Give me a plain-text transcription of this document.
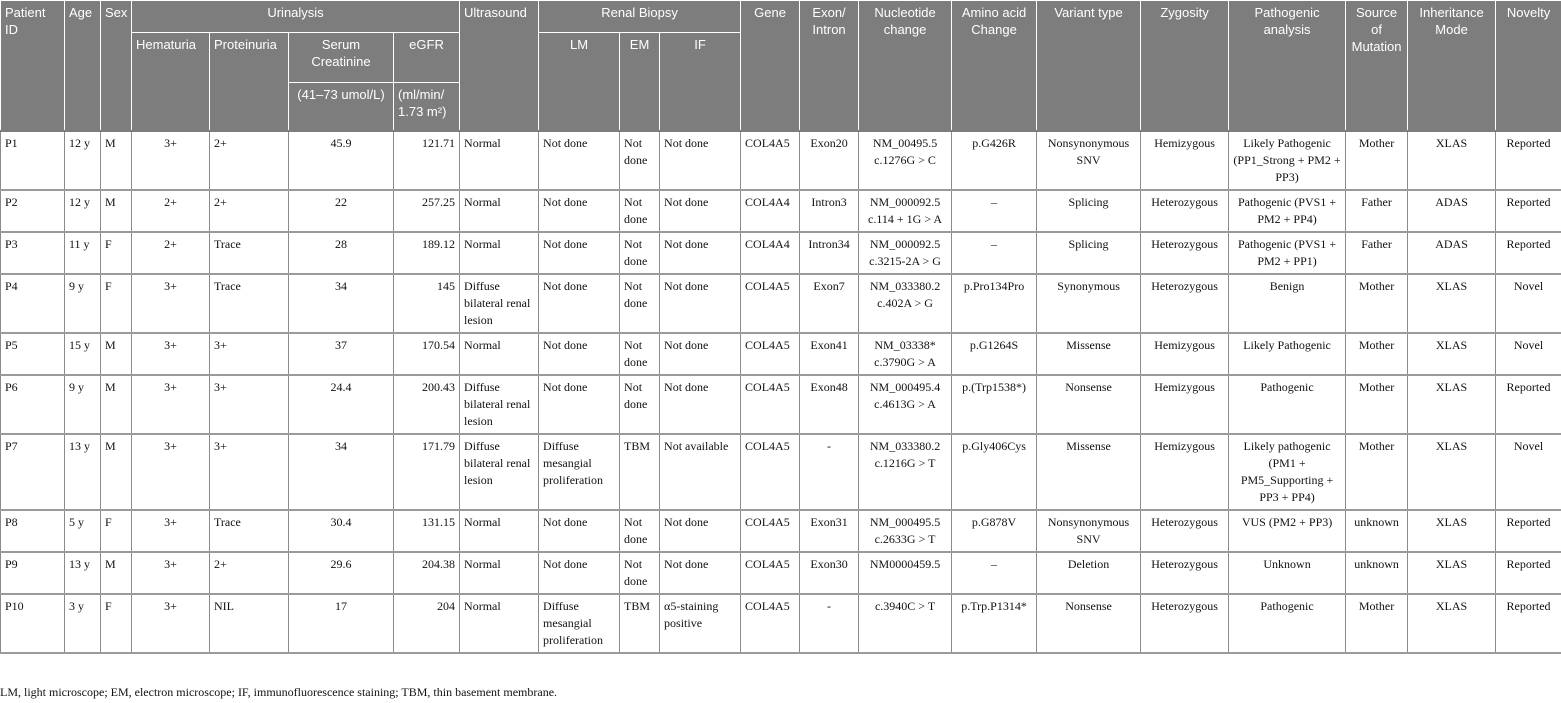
Patient ID	Age	Sex	Urinalysis				Ultrasound	Renal Biopsy			Gene	Exon/ Intron	Nucleotide change	Amino acid Change	Variant type	Zygosity	Pathogenic analysis	Source of Mutation	Inheritance Mode	Novelty
			Hematuria	Proteinuria	Serum Creatinine	eGFR		LM	EM	IF										
					(41–73 umol/L)	(ml/min/ 1.73 m²)														
P1	12 y	M	3+	2+	45.9	121.71	Normal	Not done	Not done	Not done	COL4A5	Exon20	NM_00495.5 c.1276G > C	p.G426R	Nonsynonymous SNV	Hemizygous	Likely Pathogenic (PP1_Strong + PM2 + PP3)	Mother	XLAS	Reported
P2	12 y	M	2+	2+	22	257.25	Normal	Not done	Not done	Not done	COL4A4	Intron3	NM_000092.5 c.114 + 1G > A	–	Splicing	Heterozygous	Pathogenic (PVS1 + PM2 + PP4)	Father	ADAS	Reported
P3	11 y	F	2+	Trace	28	189.12	Normal	Not done	Not done	Not done	COL4A4	Intron34	NM_000092.5 c.3215-2A > G	–	Splicing	Heterozygous	Pathogenic (PVS1 + PM2 + PP1)	Father	ADAS	Reported
P4	9 y	F	3+	Trace	34	145	Diffuse bilateral renal lesion	Not done	Not done	Not done	COL4A5	Exon7	NM_033380.2 c.402A > G	p.Pro134Pro	Synonymous	Heterozygous	Benign	Mother	XLAS	Novel
P5	15 y	M	3+	3+	37	170.54	Normal	Not done	Not done	Not done	COL4A5	Exon41	NM_03338* c.3790G > A	p.G1264S	Missense	Hemizygous	Likely Pathogenic	Mother	XLAS	Novel
P6	9 y	M	3+	3+	24.4	200.43	Diffuse bilateral renal lesion	Not done	Not done	Not done	COL4A5	Exon48	NM_000495.4 c.4613G > A	p.(Trp1538*)	Nonsense	Hemizygous	Pathogenic	Mother	XLAS	Reported
P7	13 y	M	3+	3+	34	171.79	Diffuse bilateral renal lesion	Diffuse mesangial proliferation	TBM	Not available	COL4A5	-	NM_033380.2 c.1216G > T	p.Gly406Cys	Missense	Hemizygous	Likely pathogenic (PM1 + PM5_Supporting + PP3 + PP4)	Mother	XLAS	Novel
P8	5 y	F	3+	Trace	30.4	131.15	Normal	Not done	Not done	Not done	COL4A5	Exon31	NM_000495.5 c.2633G > T	p.G878V	Nonsynonymous SNV	Heterozygous	VUS (PM2 + PP3)	unknown	XLAS	Reported
P9	13 y	M	3+	2+	29.6	204.38	Normal	Not done	Not done	Not done	COL4A5	Exon30	NM0000459.5	–	Deletion	Heterozygous	Unknown	unknown	XLAS	Reported
P10	3 y	F	3+	NIL	17	204	Normal	Diffuse mesangial proliferation	TBM	α5-staining positive	COL4A5	-	c.3940C > T	p.Trp.P1314*	Nonsense	Heterozygous	Pathogenic	Mother	XLAS	Reported
LM, light microscope; EM, electron microscope; IF, immunofluorescence staining; TBM, thin basement membrane.
